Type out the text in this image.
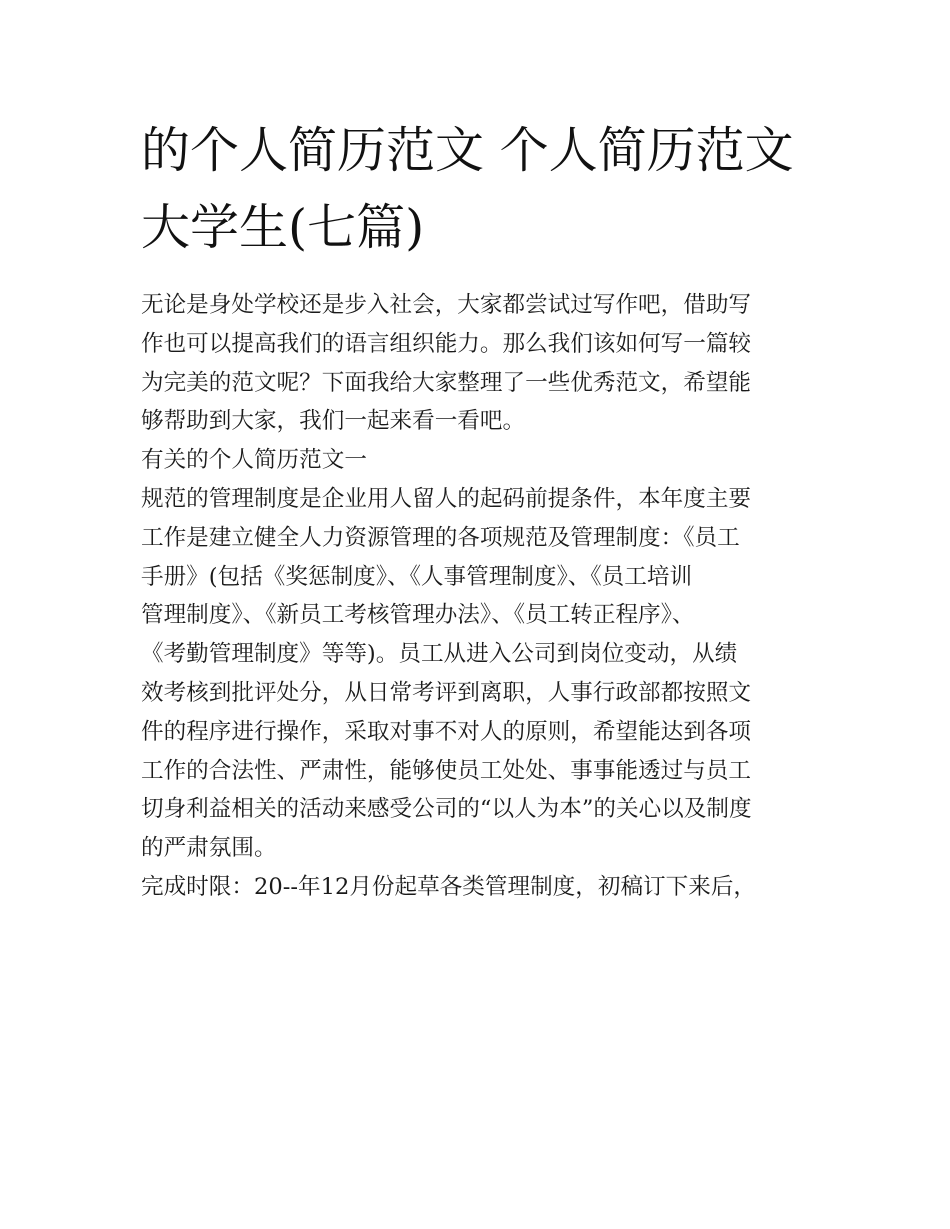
的个人简历范文 个人简历范文
大学生(七篇)
无论是身处学校还是步入社会，大家都尝试过写作吧，借助写
作也可以提高我们的语言组织能力。那么我们该如何写一篇较
为完美的范文呢？下面我给大家整理了一些优秀范文，希望能
够帮助到大家，我们一起来看一看吧。
有关的个人简历范文一
规范的管理制度是企业用人留人的起码前提条件，本年度主要
工作是建立健全人力资源管理的各项规范及管理制度：《员工
手册》(包括《奖惩制度》、《人事管理制度》、《员工培训
管理制度》、《新员工考核管理办法》、《员工转正程序》、
《考勤管理制度》等等)。员工从进入公司到岗位变动，从绩
效考核到批评处分，从日常考评到离职，人事行政部都按照文
件的程序进行操作，采取对事不对人的原则，希望能达到各项
工作的合法性、严肃性，能够使员工处处、事事能透过与员工
切身利益相关的活动来感受公司的“以人为本”的关心以及制度
的严肃氛围。
完成时限：20--年12月份起草各类管理制度，初稿订下来后，
